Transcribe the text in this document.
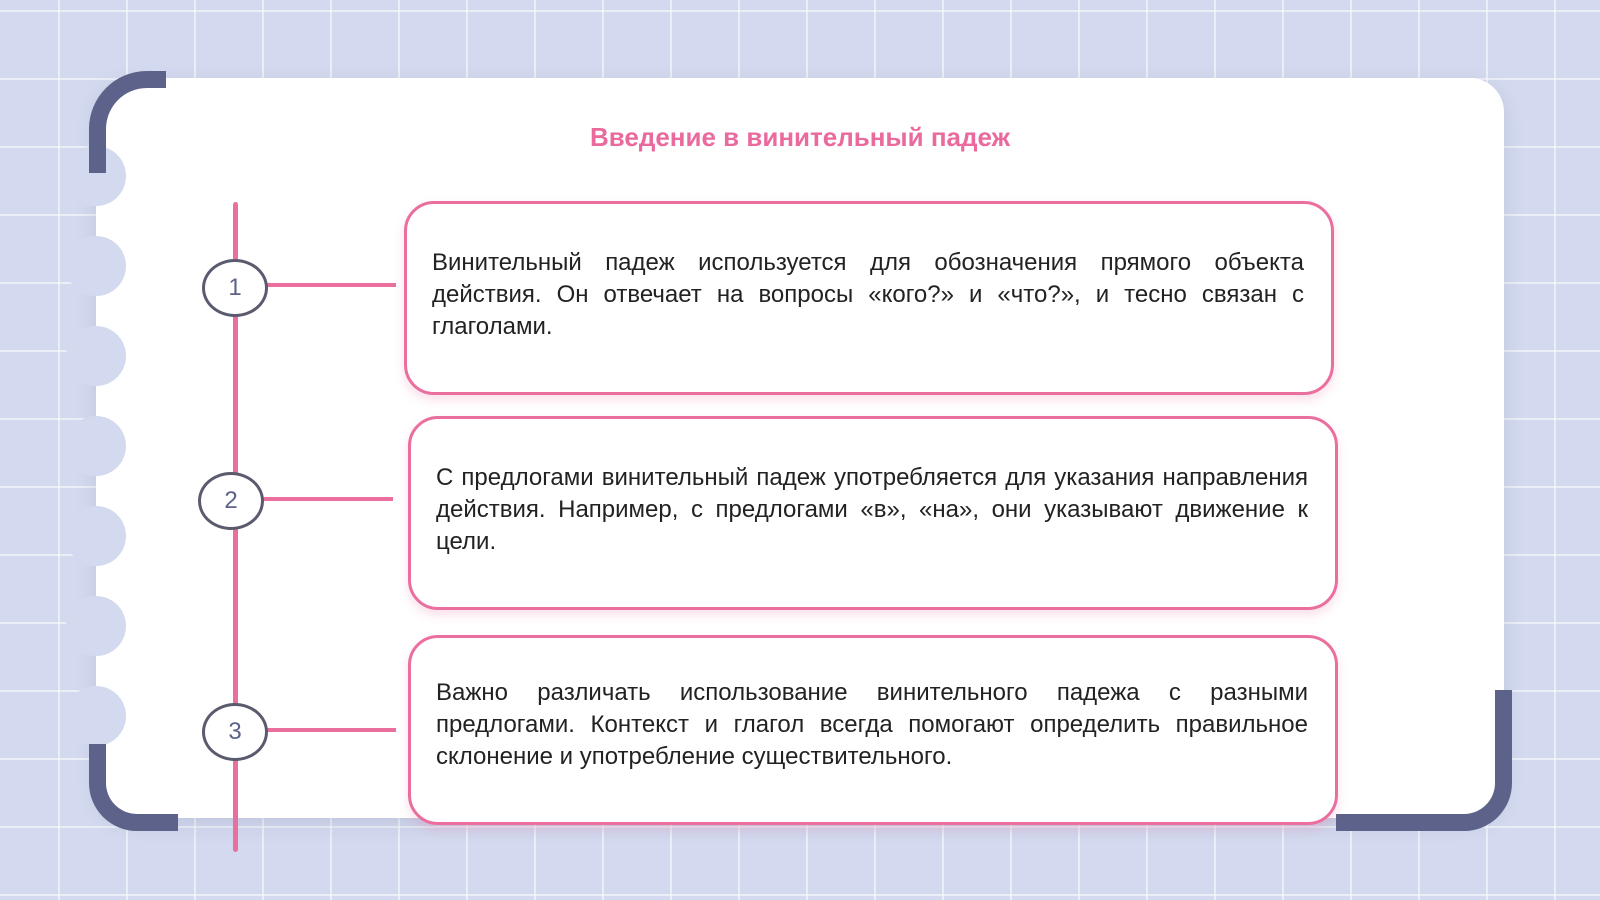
Введение в винительный падеж
1
2
3

Винительный падеж используется для обозначения прямого объекта действия. Он отвечает на вопросы «кого?» и «что?», и тесно связан с глаголами.

С предлогами винительный падеж употребляется для указания направления действия. Например, с предлогами «в», «на», они указывают движение к цели.

Важно различать использование винительного падежа с разными предлогами. Контекст и глагол всегда помогают определить правильное склонение и употребление существительного.
